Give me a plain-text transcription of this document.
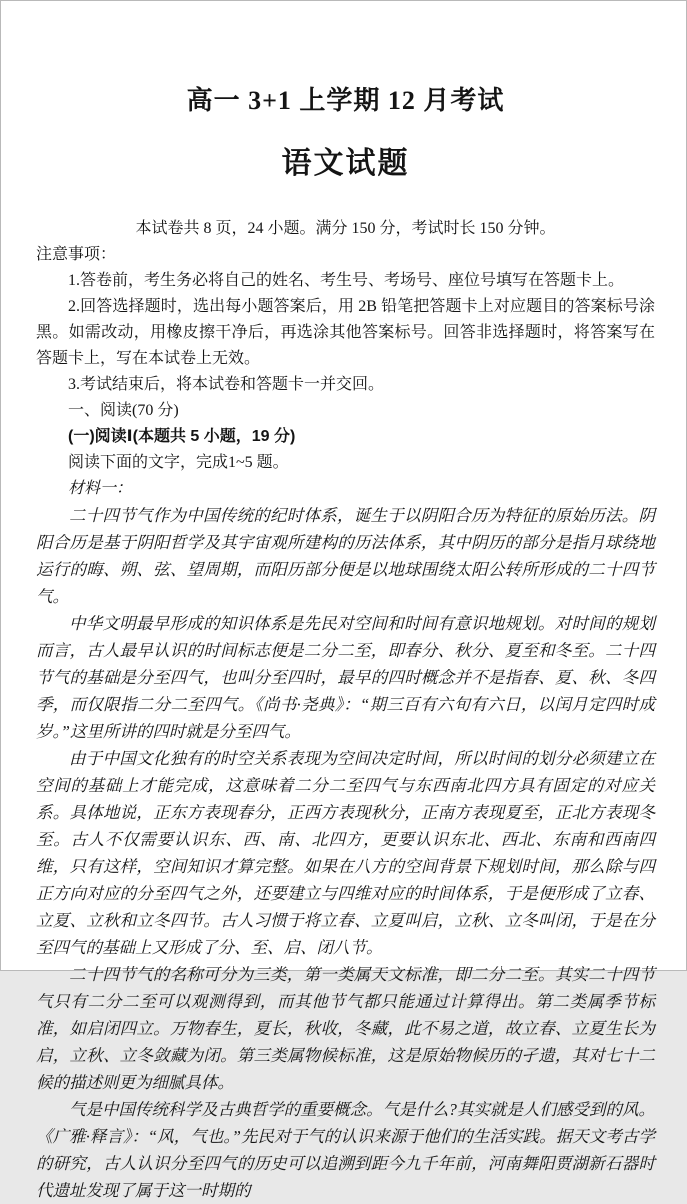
高一 3+1 上学期 12 月考试
语文试题
本试卷共 8 页，24 小题。满分 150 分，考试时长 150 分钟。
注意事项：

1.答卷前，考生务必将自己的姓名、考生号、考场号、座位号填写在答题卡上。

2.回答选择题时，选出每小题答案后，用 2B 铅笔把答题卡上对应题目的答案标号涂黑。如需改动，用橡皮擦干净后，再选涂其他答案标号。回答非选择题时，将答案写在答题卡上，写在本试卷上无效。

3.考试结束后，将本试卷和答题卡一并交回。

一、阅读(70 分)
(一)阅读Ⅰ(本题共 5 小题，19 分)
阅读下面的文字，完成1~5 题。
材料一：

二十四节气作为中国传统的纪时体系，诞生于以阴阳合历为特征的原始历法。阴阳合历是基于阴阳哲学及其宇宙观所建构的历法体系，其中阴历的部分是指月球绕地运行的晦、朔、弦、望周期，而阳历部分便是以地球围绕太阳公转所形成的二十四节气。

中华文明最早形成的知识体系是先民对空间和时间有意识地规划。对时间的规划而言，古人最早认识的时间标志便是二分二至，即春分、秋分、夏至和冬至。二十四节气的基础是分至四气，也叫分至四时，最早的四时概念并不是指春、夏、秋、冬四季，而仅限指二分二至四气。《尚书·尧典》：“期三百有六旬有六日，以闰月定四时成岁。”这里所讲的四时就是分至四气。

由于中国文化独有的时空关系表现为空间决定时间，所以时间的划分必须建立在空间的基础上才能完成，这意味着二分二至四气与东西南北四方具有固定的对应关系。具体地说，正东方表现春分，正西方表现秋分，正南方表现夏至，正北方表现冬至。古人不仅需要认识东、西、南、北四方，更要认识东北、西北、东南和西南四维，只有这样，空间知识才算完整。如果在八方的空间背景下规划时间，那么除与四正方向对应的分至四气之外，还要建立与四维对应的时间体系，于是便形成了立春、立夏、立秋和立冬四节。古人习惯于将立春、立夏叫启，立秋、立冬叫闭，于是在分至四气的基础上又形成了分、至、启、闭八节。

二十四节气的名称可分为三类，第一类属天文标准，即二分二至。其实二十四节气只有二分二至可以观测得到，而其他节气都只能通过计算得出。第二类属季节标准，如启闭四立。万物春生，夏长，秋收，冬藏，此不易之道，故立春、立夏生长为启，立秋、立冬敛藏为闭。第三类属物候标准，这是原始物候历的孑遗，其对七十二候的描述则更为细腻具体。

气是中国传统科学及古典哲学的重要概念。气是什么?其实就是人们感受到的风。《广雅·释言》：“风，气也。”先民对于气的认识来源于他们的生活实践。据天文考古学的研究，古人认识分至四气的历史可以追溯到距今九千年前，河南舞阳贾湖新石器时代遗址发现了属于这一时期的
